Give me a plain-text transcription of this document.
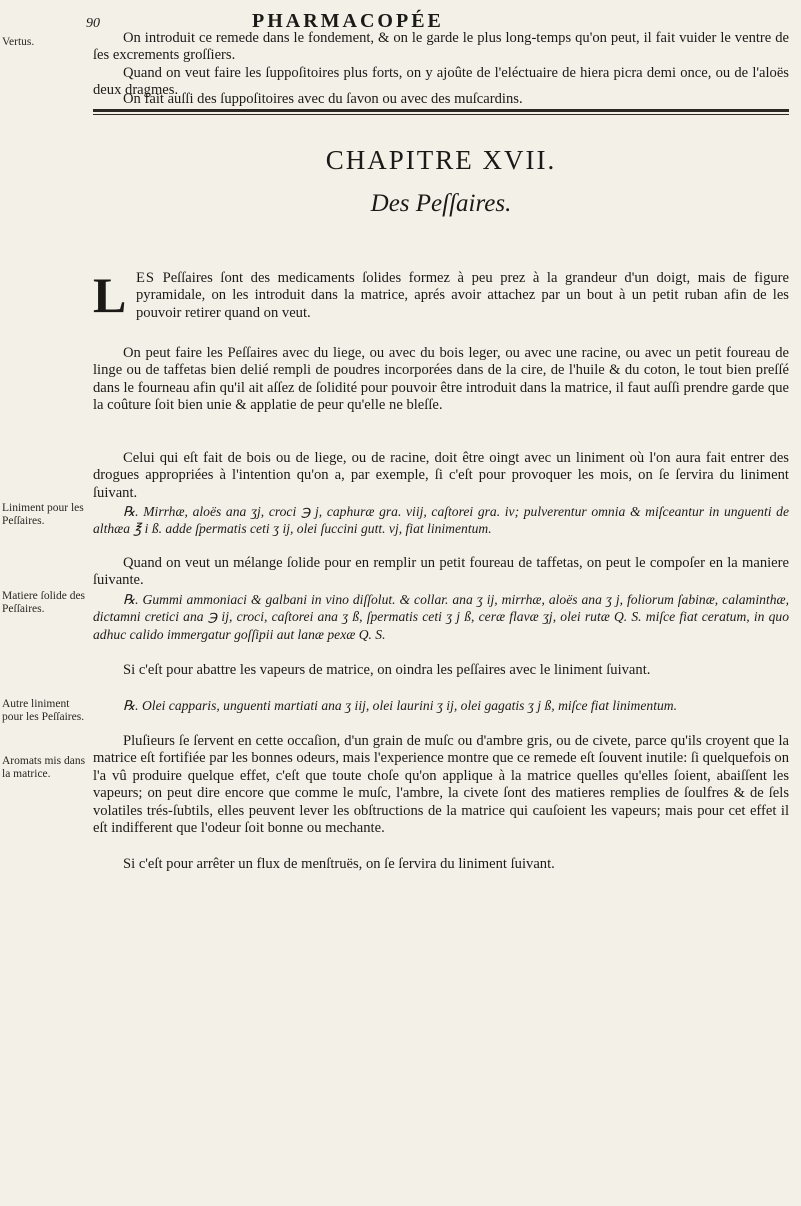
90	PHARMACOPÉE

Vertus.	On introduit ce remede dans le fondement, & on le garde le plus long-temps qu'on peut, il fait vuider le ventre de ſes excrements groſſiers.

Quand on veut faire les ſuppoſitoires plus forts, on y ajoûte de l'eléctuaire de hiera picra demi once, ou de l'aloës deux dragmes.

On fait auſſi des ſuppoſitoires avec du ſavon ou avec des muſcardins.

CHAPITRE XVII.
Des Peſſaires.
L ES Peſſaires ſont des medicaments ſolides formez à peu prez à la grandeur d'un doigt, mais de figure pyramidale, on les introduit dans la matrice, aprés avoir attachez par un bout à un petit ruban afin de les pouvoir retirer quand on veut.

On peut faire les Peſſaires avec du liege, ou avec du bois leger, ou avec une racine, ou avec un petit foureau de linge ou de taffetas bien delié rempli de poudres incorporées dans de la cire, de l'huile & du coton, le tout bien preſſé dans le fourneau afin qu'il ait aſſez de ſolidité pour pouvoir être introduit dans la matrice, il faut auſſi prendre garde que la coûture ſoit bien unie & applatie de peur qu'elle ne bleſſe.

Celui qui eſt fait de bois ou de liege, ou de racine, doit être oingt avec un liniment où l'on aura fait entrer des drogues appropriées à l'intention qu'on a, par exemple, ſi c'eſt pour provoquer les mois, on ſe ſervira du liniment ſuivant.

Liniment pour les Peſſaires.

℞. Mirrhæ, aloës ana ʒj, croci ℈ j, caphuræ gra. viij, caſtorei gra. iv; pulverentur omnia & miſceantur in unguenti de althæa ℥ i ß. adde ſpermatis ceti ʒ ij, olei ſuccini gutt. vj, fiat linimentum.

Quand on veut un mélange ſolide pour en remplir un petit foureau de taffetas, on peut le compoſer en la maniere ſuivante.

Matiere ſolide des Peſſaires.

℞. Gummi ammoniaci & galbani in vino diſſolut. & collar. ana ʒ ij, mirrhæ, aloës ana ʒ j, foliorum ſabinæ, calaminthæ, dictamni cretici ana ℈ ij, croci, caſtorei ana ʒ ß, ſpermatis ceti ʒ j ß, ceræ flavæ ʒj, olei rutæ Q. S. miſce fiat ceratum, in quo adhuc calido immergatur goſſipii aut lanæ pexæ Q. S.

Si c'eſt pour abattre les vapeurs de matrice, on oindra les peſſaires avec le liniment ſuivant.

Autre liniment pour les Peſſaires.

℞. Olei capparis, unguenti martiati ana ʒ iij, olei laurini ʒ ij, olei gagatis ʒ j ß, miſce fiat linimentum.

Aromats mis dans la matrice.

Pluſieurs ſe ſervent en cette occaſion, d'un grain de muſc ou d'ambre gris, ou de civete, parce qu'ils croyent que la matrice eſt fortifiée par les bonnes odeurs, mais l'experience montre que ce remede eſt ſouvent inutile: ſi quelquefois on l'a vû produire quelque effet, c'eſt que toute choſe qu'on applique à la matrice quelles qu'elles ſoient, abaiſſent les vapeurs; on peut dire encore que comme le muſc, l'ambre, la civete ſont des matieres remplies de ſoulfres & de ſels volatiles trés-ſubtils, elles peuvent lever les obſtructions de la matrice qui cauſoient les vapeurs; mais pour cet effet il eſt indifferent que l'odeur ſoit bonne ou mechante.

Si c'eſt pour arrêter un flux de menſtruës, on ſe ſervira du liniment ſuivant.
